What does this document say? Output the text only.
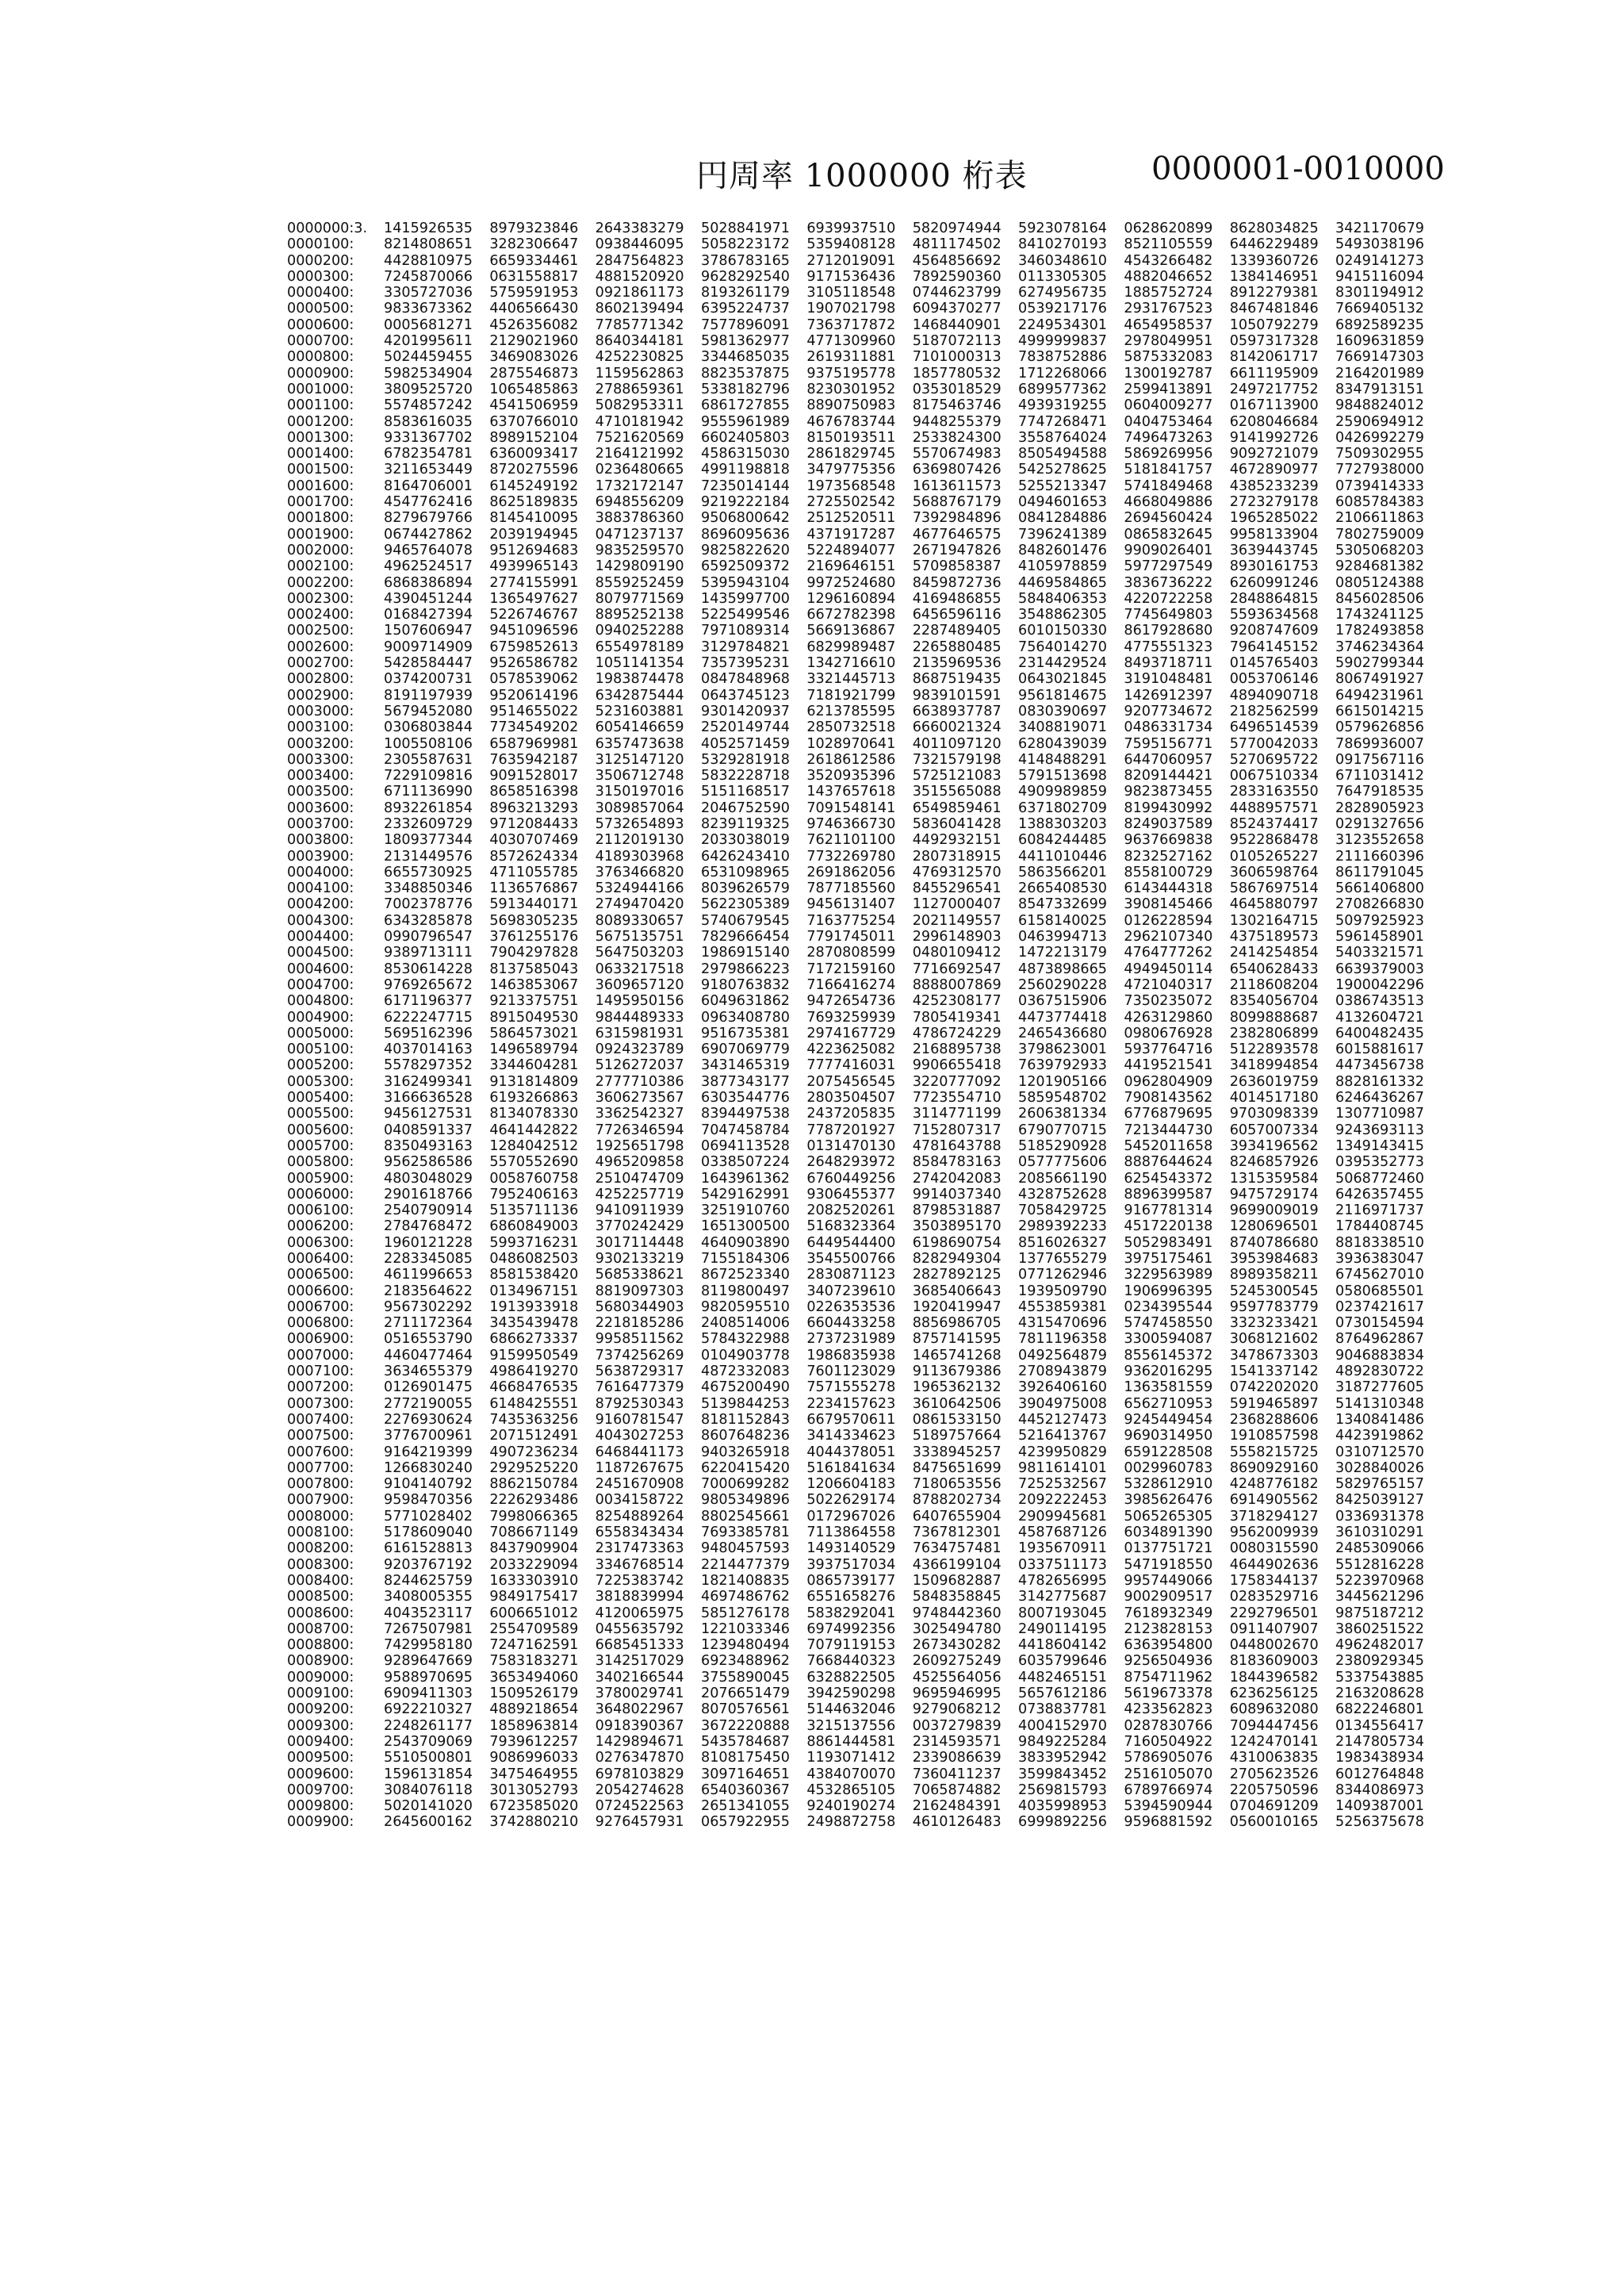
円周率 1000000 桁表	0000001-0010000
0000000:3. 1415926535 8979323846 2643383279 5028841971 6939937510 5820974944 5923078164 0628620899 8628034825 3421170679
0000100: 8214808651 3282306647 0938446095 5058223172 5359408128 4811174502 8410270193 8521105559 6446229489 5493038196
0000200: 4428810975 6659334461 2847564823 3786783165 2712019091 4564856692 3460348610 4543266482 1339360726 0249141273
0000300: 7245870066 0631558817 4881520920 9628292540 9171536436 7892590360 0113305305 4882046652 1384146951 9415116094
0000400: 3305727036 5759591953 0921861173 8193261179 3105118548 0744623799 6274956735 1885752724 8912279381 8301194912
0000500: 9833673362 4406566430 8602139494 6395224737 1907021798 6094370277 0539217176 2931767523 8467481846 7669405132
0000600: 0005681271 4526356082 7785771342 7577896091 7363717872 1468440901 2249534301 4654958537 1050792279 6892589235
0000700: 4201995611 2129021960 8640344181 5981362977 4771309960 5187072113 4999999837 2978049951 0597317328 1609631859
0000800: 5024459455 3469083026 4252230825 3344685035 2619311881 7101000313 7838752886 5875332083 8142061717 7669147303
0000900: 5982534904 2875546873 1159562863 8823537875 9375195778 1857780532 1712268066 1300192787 6611195909 2164201989
0001000: 3809525720 1065485863 2788659361 5338182796 8230301952 0353018529 6899577362 2599413891 2497217752 8347913151
0001100: 5574857242 4541506959 5082953311 6861727855 8890750983 8175463746 4939319255 0604009277 0167113900 9848824012
0001200: 8583616035 6370766010 4710181942 9555961989 4676783744 9448255379 7747268471 0404753464 6208046684 2590694912
0001300: 9331367702 8989152104 7521620569 6602405803 8150193511 2533824300 3558764024 7496473263 9141992726 0426992279
0001400: 6782354781 6360093417 2164121992 4586315030 2861829745 5570674983 8505494588 5869269956 9092721079 7509302955
0001500: 3211653449 8720275596 0236480665 4991198818 3479775356 6369807426 5425278625 5181841757 4672890977 7727938000
0001600: 8164706001 6145249192 1732172147 7235014144 1973568548 1613611573 5255213347 5741849468 4385233239 0739414333
0001700: 4547762416 8625189835 6948556209 9219222184 2725502542 5688767179 0494601653 4668049886 2723279178 6085784383
0001800: 8279679766 8145410095 3883786360 9506800642 2512520511 7392984896 0841284886 2694560424 1965285022 2106611863
0001900: 0674427862 2039194945 0471237137 8696095636 4371917287 4677646575 7396241389 0865832645 9958133904 7802759009
0002000: 9465764078 9512694683 9835259570 9825822620 5224894077 2671947826 8482601476 9909026401 3639443745 5305068203
0002100: 4962524517 4939965143 1429809190 6592509372 2169646151 5709858387 4105978859 5977297549 8930161753 9284681382
0002200: 6868386894 2774155991 8559252459 5395943104 9972524680 8459872736 4469584865 3836736222 6260991246 0805124388
0002300: 4390451244 1365497627 8079771569 1435997700 1296160894 4169486855 5848406353 4220722258 2848864815 8456028506
0002400: 0168427394 5226746767 8895252138 5225499546 6672782398 6456596116 3548862305 7745649803 5593634568 1743241125
0002500: 1507606947 9451096596 0940252288 7971089314 5669136867 2287489405 6010150330 8617928680 9208747609 1782493858
0002600: 9009714909 6759852613 6554978189 3129784821 6829989487 2265880485 7564014270 4775551323 7964145152 3746234364
0002700: 5428584447 9526586782 1051141354 7357395231 1342716610 2135969536 2314429524 8493718711 0145765403 5902799344
0002800: 0374200731 0578539062 1983874478 0847848968 3321445713 8687519435 0643021845 3191048481 0053706146 8067491927
0002900: 8191197939 9520614196 6342875444 0643745123 7181921799 9839101591 9561814675 1426912397 4894090718 6494231961
0003000: 5679452080 9514655022 5231603881 9301420937 6213785595 6638937787 0830390697 9207734672 2182562599 6615014215
0003100: 0306803844 7734549202 6054146659 2520149744 2850732518 6660021324 3408819071 0486331734 6496514539 0579626856
0003200: 1005508106 6587969981 6357473638 4052571459 1028970641 4011097120 6280439039 7595156771 5770042033 7869936007
0003300: 2305587631 7635942187 3125147120 5329281918 2618612586 7321579198 4148488291 6447060957 5270695722 0917567116
0003400: 7229109816 9091528017 3506712748 5832228718 3520935396 5725121083 5791513698 8209144421 0067510334 6711031412
0003500: 6711136990 8658516398 3150197016 5151168517 1437657618 3515565088 4909989859 9823873455 2833163550 7647918535
0003600: 8932261854 8963213293 3089857064 2046752590 7091548141 6549859461 6371802709 8199430992 4488957571 2828905923
0003700: 2332609729 9712084433 5732654893 8239119325 9746366730 5836041428 1388303203 8249037589 8524374417 0291327656
0003800: 1809377344 4030707469 2112019130 2033038019 7621101100 4492932151 6084244485 9637669838 9522868478 3123552658
0003900: 2131449576 8572624334 4189303968 6426243410 7732269780 2807318915 4411010446 8232527162 0105265227 2111660396
0004000: 6655730925 4711055785 3763466820 6531098965 2691862056 4769312570 5863566201 8558100729 3606598764 8611791045
0004100: 3348850346 1136576867 5324944166 8039626579 7877185560 8455296541 2665408530 6143444318 5867697514 5661406800
0004200: 7002378776 5913440171 2749470420 5622305389 9456131407 1127000407 8547332699 3908145466 4645880797 2708266830
0004300: 6343285878 5698305235 8089330657 5740679545 7163775254 2021149557 6158140025 0126228594 1302164715 5097925923
0004400: 0990796547 3761255176 5675135751 7829666454 7791745011 2996148903 0463994713 2962107340 4375189573 5961458901
0004500: 9389713111 7904297828 5647503203 1986915140 2870808599 0480109412 1472213179 4764777262 2414254854 5403321571
0004600: 8530614228 8137585043 0633217518 2979866223 7172159160 7716692547 4873898665 4949450114 6540628433 6639379003
0004700: 9769265672 1463853067 3609657120 9180763832 7166416274 8888007869 2560290228 4721040317 2118608204 1900042296
0004800: 6171196377 9213375751 1495950156 6049631862 9472654736 4252308177 0367515906 7350235072 8354056704 0386743513
0004900: 6222247715 8915049530 9844489333 0963408780 7693259939 7805419341 4473774418 4263129860 8099888687 4132604721
0005000: 5695162396 5864573021 6315981931 9516735381 2974167729 4786724229 2465436680 0980676928 2382806899 6400482435
0005100: 4037014163 1496589794 0924323789 6907069779 4223625082 2168895738 3798623001 5937764716 5122893578 6015881617
0005200: 5578297352 3344604281 5126272037 3431465319 7777416031 9906655418 7639792933 4419521541 3418994854 4473456738
0005300: 3162499341 9131814809 2777710386 3877343177 2075456545 3220777092 1201905166 0962804909 2636019759 8828161332
0005400: 3166636528 6193266863 3606273567 6303544776 2803504507 7723554710 5859548702 7908143562 4014517180 6246436267
0005500: 9456127531 8134078330 3362542327 8394497538 2437205835 3114771199 2606381334 6776879695 9703098339 1307710987
0005600: 0408591337 4641442822 7726346594 7047458784 7787201927 7152807317 6790770715 7213444730 6057007334 9243693113
0005700: 8350493163 1284042512 1925651798 0694113528 0131470130 4781643788 5185290928 5452011658 3934196562 1349143415
0005800: 9562586586 5570552690 4965209858 0338507224 2648293972 8584783163 0577775606 8887644624 8246857926 0395352773
0005900: 4803048029 0058760758 2510474709 1643961362 6760449256 2742042083 2085661190 6254543372 1315359584 5068772460
0006000: 2901618766 7952406163 4252257719 5429162991 9306455377 9914037340 4328752628 8896399587 9475729174 6426357455
0006100: 2540790914 5135711136 9410911939 3251910760 2082520261 8798531887 7058429725 9167781314 9699009019 2116971737
0006200: 2784768472 6860849003 3770242429 1651300500 5168323364 3503895170 2989392233 4517220138 1280696501 1784408745
0006300: 1960121228 5993716231 3017114448 4640903890 6449544400 6198690754 8516026327 5052983491 8740786680 8818338510
0006400: 2283345085 0486082503 9302133219 7155184306 3545500766 8282949304 1377655279 3975175461 3953984683 3936383047
0006500: 4611996653 8581538420 5685338621 8672523340 2830871123 2827892125 0771262946 3229563989 8989358211 6745627010
0006600: 2183564622 0134967151 8819097303 8119800497 3407239610 3685406643 1939509790 1906996395 5245300545 0580685501
0006700: 9567302292 1913933918 5680344903 9820595510 0226353536 1920419947 4553859381 0234395544 9597783779 0237421617
0006800: 2711172364 3435439478 2218185286 2408514006 6604433258 8856986705 4315470696 5747458550 3323233421 0730154594
0006900: 0516553790 6866273337 9958511562 5784322988 2737231989 8757141595 7811196358 3300594087 3068121602 8764962867
0007000: 4460477464 9159950549 7374256269 0104903778 1986835938 1465741268 0492564879 8556145372 3478673303 9046883834
0007100: 3634655379 4986419270 5638729317 4872332083 7601123029 9113679386 2708943879 9362016295 1541337142 4892830722
0007200: 0126901475 4668476535 7616477379 4675200490 7571555278 1965362132 3926406160 1363581559 0742202020 3187277605
0007300: 2772190055 6148425551 8792530343 5139844253 2234157623 3610642506 3904975008 6562710953 5919465897 5141310348
0007400: 2276930624 7435363256 9160781547 8181152843 6679570611 0861533150 4452127473 9245449454 2368288606 1340841486
0007500: 3776700961 2071512491 4043027253 8607648236 3414334623 5189757664 5216413767 9690314950 1910857598 4423919862
0007600: 9164219399 4907236234 6468441173 9403265918 4044378051 3338945257 4239950829 6591228508 5558215725 0310712570
0007700: 1266830240 2929525220 1187267675 6220415420 5161841634 8475651699 9811614101 0029960783 8690929160 3028840026
0007800: 9104140792 8862150784 2451670908 7000699282 1206604183 7180653556 7252532567 5328612910 4248776182 5829765157
0007900: 9598470356 2226293486 0034158722 9805349896 5022629174 8788202734 2092222453 3985626476 6914905562 8425039127
0008000: 5771028402 7998066365 8254889264 8802545661 0172967026 6407655904 2909945681 5065265305 3718294127 0336931378
0008100: 5178609040 7086671149 6558343434 7693385781 7113864558 7367812301 4587687126 6034891390 9562009939 3610310291
0008200: 6161528813 8437909904 2317473363 9480457593 1493140529 7634757481 1935670911 0137751721 0080315590 2485309066
0008300: 9203767192 2033229094 3346768514 2214477379 3937517034 4366199104 0337511173 5471918550 4644902636 5512816228
0008400: 8244625759 1633303910 7225383742 1821408835 0865739177 1509682887 4782656995 9957449066 1758344137 5223970968
0008500: 3408005355 9849175417 3818839994 4697486762 6551658276 5848358845 3142775687 9002909517 0283529716 3445621296
0008600: 4043523117 6006651012 4120065975 5851276178 5838292041 9748442360 8007193045 7618932349 2292796501 9875187212
0008700: 7267507981 2554709589 0455635792 1221033346 6974992356 3025494780 2490114195 2123828153 0911407907 3860251522
0008800: 7429958180 7247162591 6685451333 1239480494 7079119153 2673430282 4418604142 6363954800 0448002670 4962482017
0008900: 9289647669 7583183271 3142517029 6923488962 7668440323 2609275249 6035799646 9256504936 8183609003 2380929345
0009000: 9588970695 3653494060 3402166544 3755890045 6328822505 4525564056 4482465151 8754711962 1844396582 5337543885
0009100: 6909411303 1509526179 3780029741 2076651479 3942590298 9695946995 5657612186 5619673378 6236256125 2163208628
0009200: 6922210327 4889218654 3648022967 8070576561 5144632046 9279068212 0738837781 4233562823 6089632080 6822246801
0009300: 2248261177 1858963814 0918390367 3672220888 3215137556 0037279839 4004152970 0287830766 7094447456 0134556417
0009400: 2543709069 7939612257 1429894671 5435784687 8861444581 2314593571 9849225284 7160504922 1242470141 2147805734
0009500: 5510500801 9086996033 0276347870 8108175450 1193071412 2339086639 3833952942 5786905076 4310063835 1983438934
0009600: 1596131854 3475464955 6978103829 3097164651 4384070070 7360411237 3599843452 2516105070 2705623526 6012764848
0009700: 3084076118 3013052793 2054274628 6540360367 4532865105 7065874882 2569815793 6789766974 2205750596 8344086973
0009800: 5020141020 6723585020 0724522563 2651341055 9240190274 2162484391 4035998953 5394590944 0704691209 1409387001
0009900: 2645600162 3742880210 9276457931 0657922955 2498872758 4610126483 6999892256 9596881592 0560010165 5256375678
